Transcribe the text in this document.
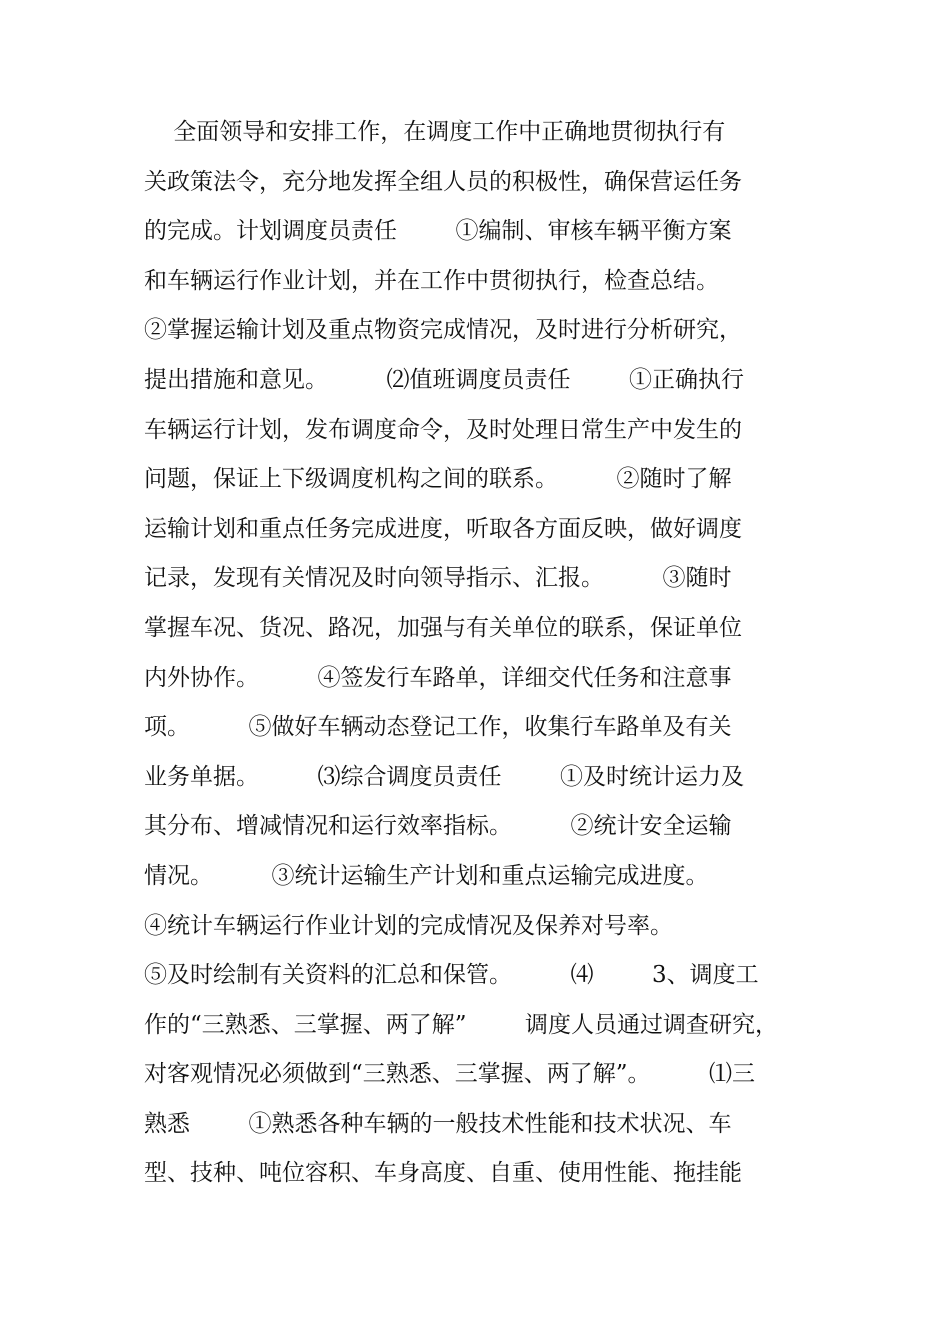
全面领导和安排工作，在调度工作中正确地贯彻执行有
关政策法令，充分地发挥全组人员的积极性，确保营运任务
的完成。计划调度员责任        ①编制、审核车辆平衡方案
和车辆运行作业计划，并在工作中贯彻执行，检查总结。
②掌握运输计划及重点物资完成情况，及时进行分析研究，
提出措施和意见。        ⑵值班调度员责任        ①正确执行
车辆运行计划，发布调度命令，及时处理日常生产中发生的
问题，保证上下级调度机构之间的联系。        ②随时了解
运输计划和重点任务完成进度，听取各方面反映，做好调度
记录，发现有关情况及时向领导指示、汇报。        ③随时
掌握车况、货况、路况，加强与有关单位的联系，保证单位
内外协作。        ④签发行车路单，详细交代任务和注意事
项。        ⑤做好车辆动态登记工作，收集行车路单及有关
业务单据。        ⑶综合调度员责任        ①及时统计运力及
其分布、增减情况和运行效率指标。        ②统计安全运输
情况。        ③统计运输生产计划和重点运输完成进度。
④统计车辆运行作业计划的完成情况及保养对号率。
⑤及时绘制有关资料的汇总和保管。        ⑷        3、调度工
作的“三熟悉、三掌握、两了解”        调度人员通过调查研究，
对客观情况必须做到“三熟悉、三掌握、两了解”。        ⑴三
熟悉        ①熟悉各种车辆的一般技术性能和技术状况、车
型、技种、吨位容积、车身高度、自重、使用性能、拖挂能
